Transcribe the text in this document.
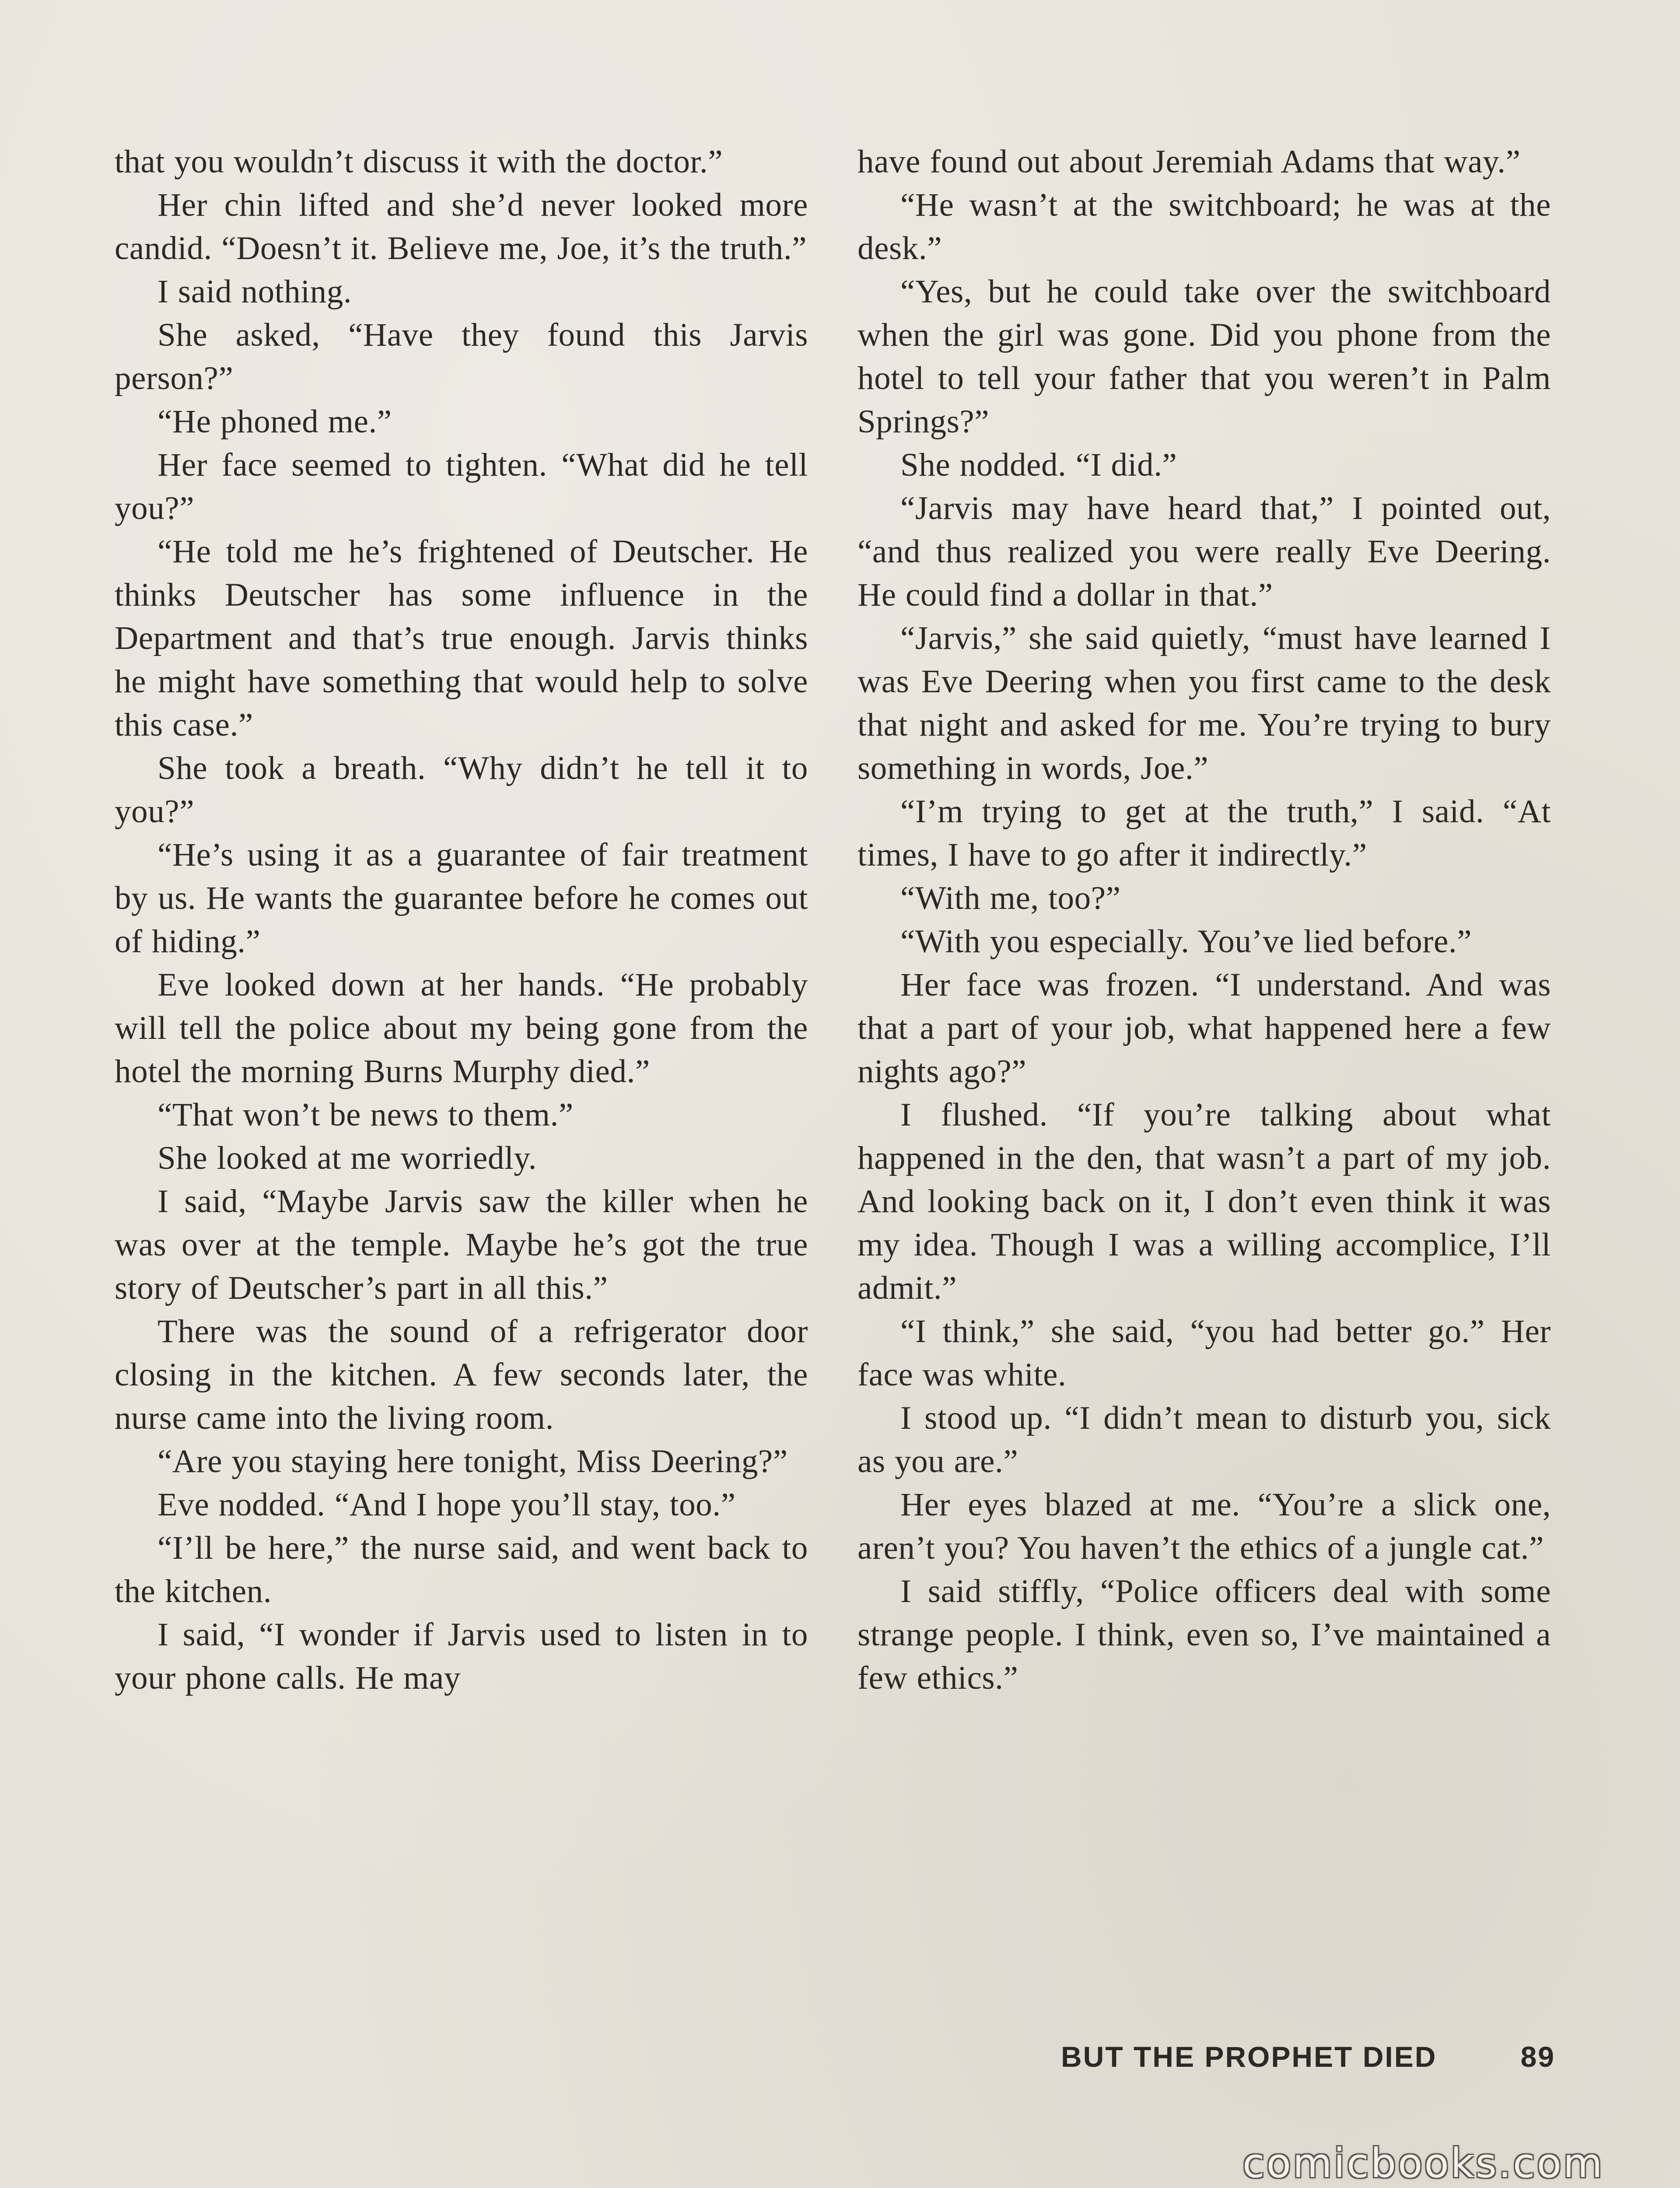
that you wouldn’t discuss it with the doctor.”

Her chin lifted and she’d never looked more candid. “Doesn’t it. Believe me, Joe, it’s the truth.”

I said nothing.

She asked, “Have they found this Jarvis person?”

“He phoned me.”

Her face seemed to tighten. “What did he tell you?”

“He told me he’s frightened of Deutscher. He thinks Deutscher has some influence in the Department and that’s true enough. Jarvis thinks he might have something that would help to solve this case.”

She took a breath. “Why didn’t he tell it to you?”

“He’s using it as a guarantee of fair treatment by us. He wants the guarantee before he comes out of hiding.”

Eve looked down at her hands. “He probably will tell the police about my being gone from the hotel the morning Burns Murphy died.”

“That won’t be news to them.”

She looked at me worriedly.

I said, “Maybe Jarvis saw the killer when he was over at the temple. Maybe he’s got the true story of Deutscher’s part in all this.”

There was the sound of a refrigerator door closing in the kitchen. A few seconds later, the nurse came into the living room.

“Are you staying here tonight, Miss Deering?”

Eve nodded. “And I hope you’ll stay, too.”

“I’ll be here,” the nurse said, and went back to the kitchen.

I said, “I wonder if Jarvis used to listen in to your phone calls. He may

have found out about Jeremiah Adams that way.”

“He wasn’t at the switchboard; he was at the desk.”

“Yes, but he could take over the switchboard when the girl was gone. Did you phone from the hotel to tell your father that you weren’t in Palm Springs?”

She nodded. “I did.”

“Jarvis may have heard that,” I pointed out, “and thus realized you were really Eve Deering. He could find a dollar in that.”

“Jarvis,” she said quietly, “must have learned I was Eve Deering when you first came to the desk that night and asked for me. You’re trying to bury something in words, Joe.”

“I’m trying to get at the truth,” I said. “At times, I have to go after it indirectly.”

“With me, too?”

“With you especially. You’ve lied before.”

Her face was frozen. “I understand. And was that a part of your job, what happened here a few nights ago?”

I flushed. “If you’re talking about what happened in the den, that wasn’t a part of my job. And looking back on it, I don’t even think it was my idea. Though I was a willing accomplice, I’ll admit.”

“I think,” she said, “you had better go.” Her face was white.

I stood up. “I didn’t mean to disturb you, sick as you are.”

Her eyes blazed at me. “You’re a slick one, aren’t you? You haven’t the ethics of a jungle cat.”

I said stiffly, “Police officers deal with some strange people. I think, even so, I’ve maintained a few ethics.”

BUT THE PROPHET DIED	89
comicbooks.com
